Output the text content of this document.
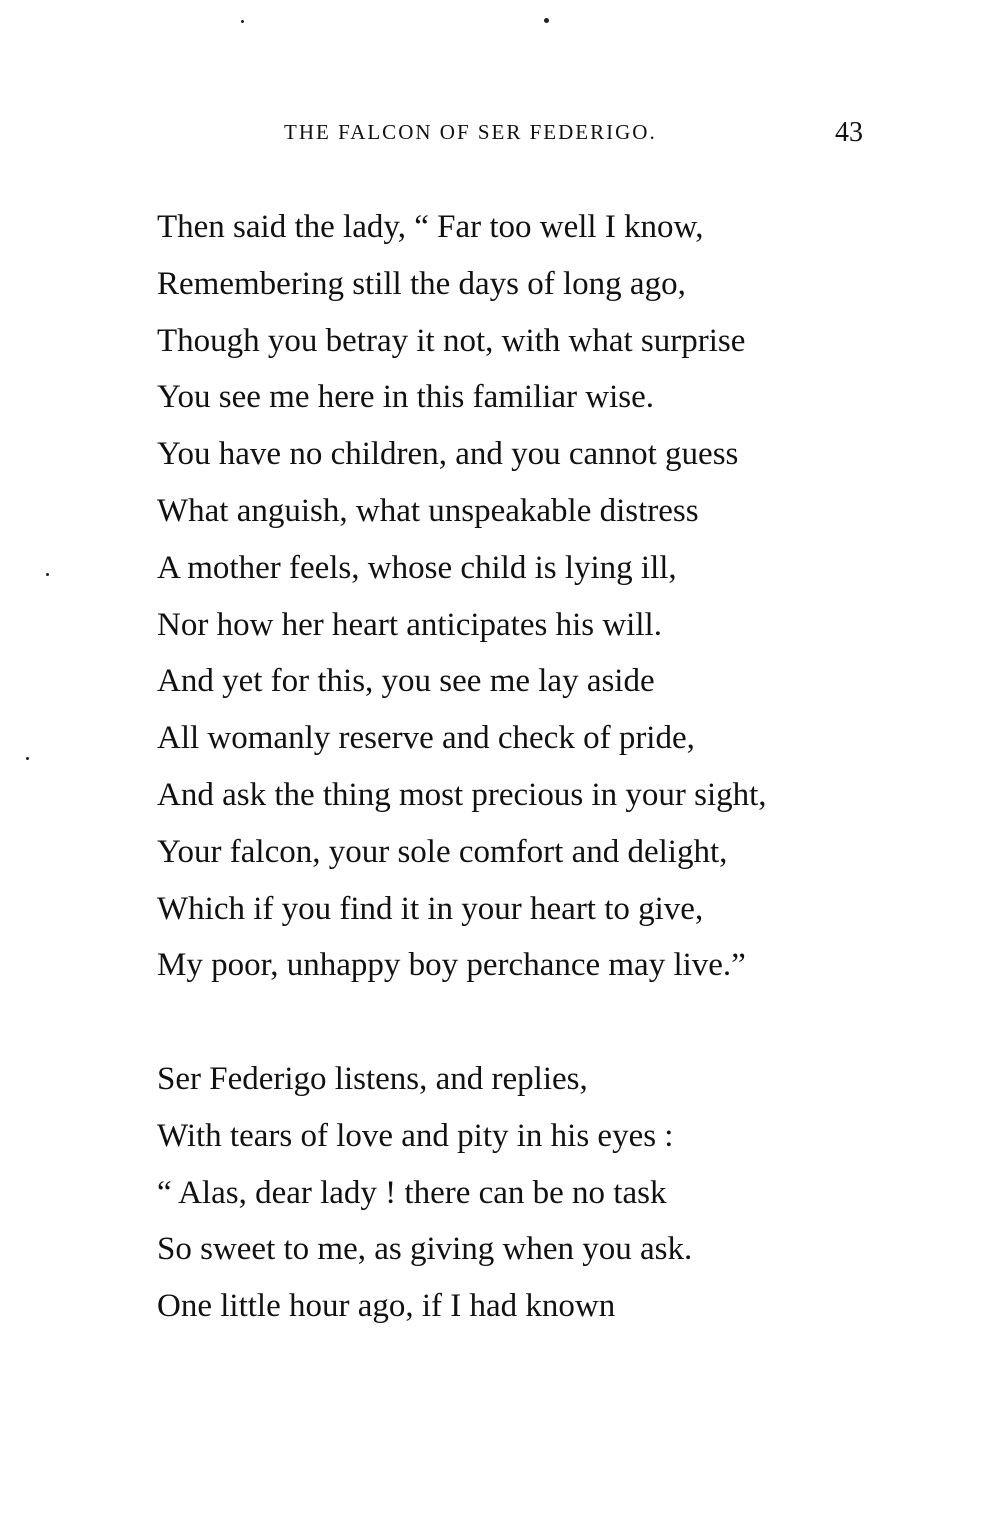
THE FALCON OF SER FEDERIGO.	43
Then said the lady, “ Far too well I know,
Remembering still the days of long ago,
Though you betray it not, with what surprise
You see me here in this familiar wise.
You have no children, and you cannot guess
What anguish, what unspeakable distress
A mother feels, whose child is lying ill,
Nor how her heart anticipates his will.
And yet for this, you see me lay aside
All womanly reserve and check of pride,
And ask the thing most precious in your sight,
Your falcon, your sole comfort and delight,
Which if you find it in your heart to give,
My poor, unhappy boy perchance may live.”
Ser Federigo listens, and replies,
With tears of love and pity in his eyes :
“ Alas, dear lady ! there can be no task
So sweet to me, as giving when you ask.
One little hour ago, if I had known
